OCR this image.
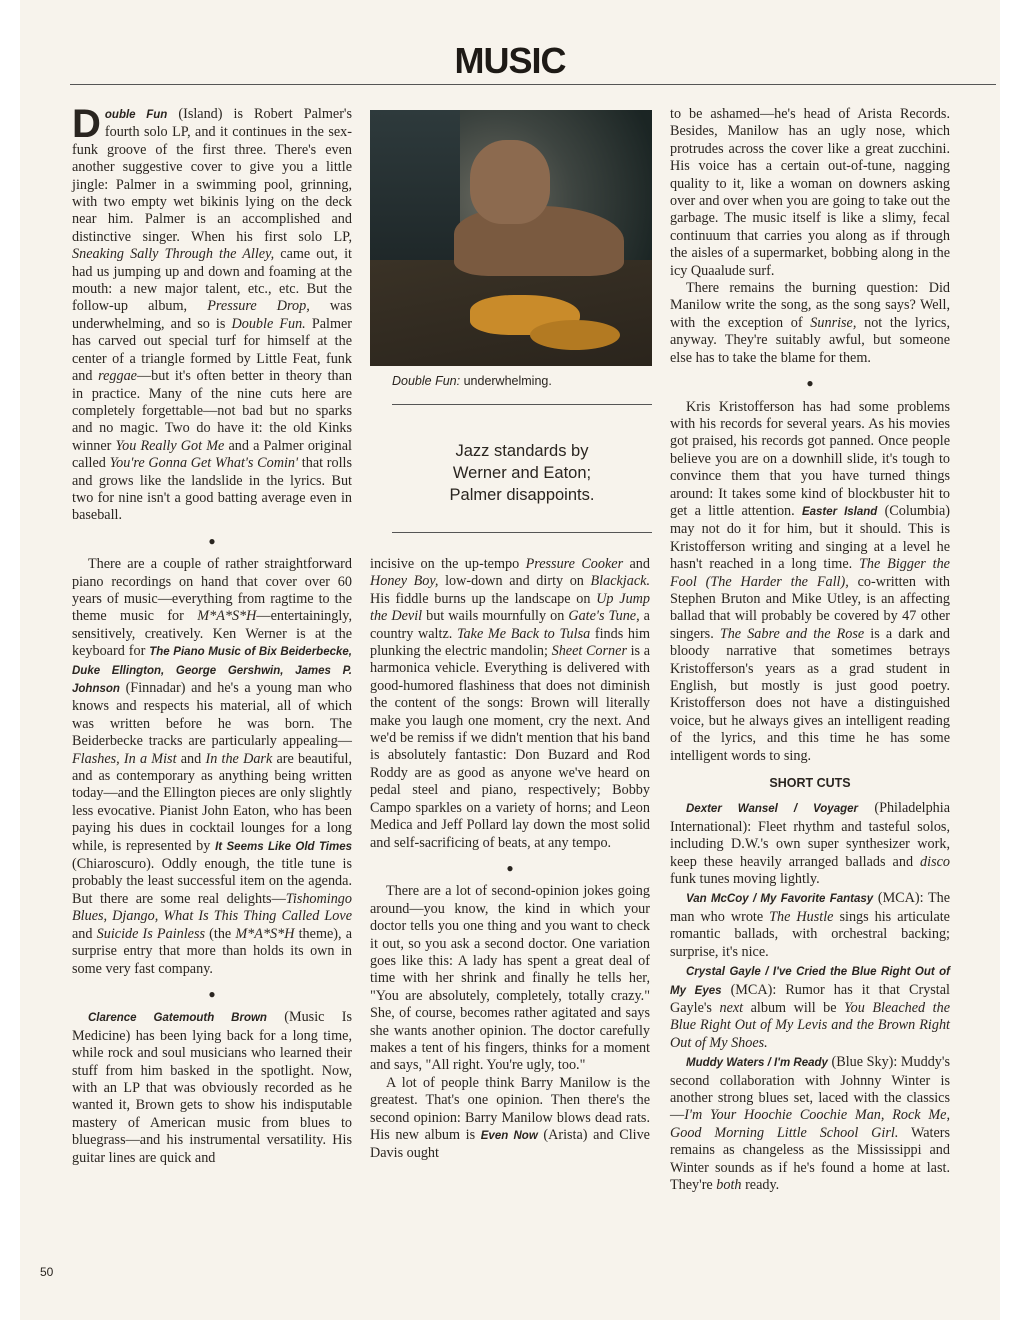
MUSIC

Double Fun (Island) is Robert Palmer's fourth solo LP, and it continues in the sex-funk groove of the first three. There's even another suggestive cover to give you a little jingle: Palmer in a swimming pool, grinning, with two empty wet bikinis lying on the deck near him. Palmer is an accomplished and distinctive singer. When his first solo LP, Sneaking Sally Through the Alley, came out, it had us jumping up and down and foaming at the mouth: a new major talent, etc., etc. But the follow-up album, Pressure Drop, was underwhelming, and so is Double Fun. Palmer has carved out special turf for himself at the center of a triangle formed by Little Feat, funk and reggae—but it's often better in theory than in practice. Many of the nine cuts here are completely forgettable—not bad but no sparks and no magic. Two do have it: the old Kinks winner You Really Got Me and a Palmer original called You're Gonna Get What's Comin' that rolls and grows like the landslide in the lyrics. But two for nine isn't a good batting average even in baseball.

●

There are a couple of rather straightforward piano recordings on hand that cover over 60 years of music—everything from ragtime to the theme music for M*A*S*H—entertainingly, sensitively, creatively. Ken Werner is at the keyboard for The Piano Music of Bix Beiderbecke, Duke Ellington, George Gershwin, James P. Johnson (Finnadar) and he's a young man who knows and respects his material, all of which was written before he was born. The Beiderbecke tracks are particularly appealing—Flashes, In a Mist and In the Dark are beautiful, and as contemporary as anything being written today—and the Ellington pieces are only slightly less evocative. Pianist John Eaton, who has been paying his dues in cocktail lounges for a long while, is represented by It Seems Like Old Times (Chiaroscuro). Oddly enough, the title tune is probably the least successful item on the agenda. But there are some real delights—Tishomingo Blues, Django, What Is This Thing Called Love and Suicide Is Painless (the M*A*S*H theme), a surprise entry that more than holds its own in some very fast company.

●

Clarence Gatemouth Brown (Music Is Medicine) has been lying back for a long time, while rock and soul musicians who learned their stuff from him basked in the spotlight. Now, with an LP that was obviously recorded as he wanted it, Brown gets to show his indisputable mastery of American music from blues to bluegrass—and his instrumental versatility. His guitar lines are quick and

Double Fun: underwhelming.
Jazz standards by
Werner and Eaton;
Palmer disappoints.

incisive on the up-tempo Pressure Cooker and Honey Boy, low-down and dirty on Blackjack. His fiddle burns up the landscape on Up Jump the Devil but wails mournfully on Gate's Tune, a country waltz. Take Me Back to Tulsa finds him plunking the electric mandolin; Sheet Corner is a harmonica vehicle. Everything is delivered with good-humored flashiness that does not diminish the content of the songs: Brown will literally make you laugh one moment, cry the next. And we'd be remiss if we didn't mention that his band is absolutely fantastic: Don Buzard and Rod Roddy are as good as anyone we've heard on pedal steel and piano, respectively; Bobby Campo sparkles on a variety of horns; and Leon Medica and Jeff Pollard lay down the most solid and self-sacrificing of beats, at any tempo.

●

There are a lot of second-opinion jokes going around—you know, the kind in which your doctor tells you one thing and you want to check it out, so you ask a second doctor. One variation goes like this: A lady has spent a great deal of time with her shrink and finally he tells her, "You are absolutely, completely, totally crazy." She, of course, becomes rather agitated and says she wants another opinion. The doctor carefully makes a tent of his fingers, thinks for a moment and says, "All right. You're ugly, too."

A lot of people think Barry Manilow is the greatest. That's one opinion. Then there's the second opinion: Barry Manilow blows dead rats. His new album is Even Now (Arista) and Clive Davis ought

to be ashamed—he's head of Arista Records. Besides, Manilow has an ugly nose, which protrudes across the cover like a great zucchini. His voice has a certain out-of-tune, nagging quality to it, like a woman on downers asking over and over when you are going to take out the garbage. The music itself is like a slimy, fecal continuum that carries you along as if through the aisles of a supermarket, bobbing along in the icy Quaalude surf.

There remains the burning question: Did Manilow write the song, as the song says? Well, with the exception of Sunrise, not the lyrics, anyway. They're suitably awful, but someone else has to take the blame for them.

●

Kris Kristofferson has had some problems with his records for several years. As his movies got praised, his records got panned. Once people believe you are on a downhill slide, it's tough to convince them that you have turned things around: It takes some kind of blockbuster hit to get a little attention. Easter Island (Columbia) may not do it for him, but it should. This is Kristofferson writing and singing at a level he hasn't reached in a long time. The Bigger the Fool (The Harder the Fall), co-written with Stephen Bruton and Mike Utley, is an affecting ballad that will probably be covered by 47 other singers. The Sabre and the Rose is a dark and bloody narrative that sometimes betrays Kristofferson's years as a grad student in English, but mostly is just good poetry. Kristofferson does not have a distinguished voice, but he always gives an intelligent reading of the lyrics, and this time he has some intelligent words to sing.

SHORT CUTS

Dexter Wansel / Voyager (Philadelphia International): Fleet rhythm and tasteful solos, including D.W.'s own super synthesizer work, keep these heavily arranged ballads and disco funk tunes moving lightly.

Van McCoy / My Favorite Fantasy (MCA): The man who wrote The Hustle sings his articulate romantic ballads, with orchestral backing; surprise, it's nice.

Crystal Gayle / I've Cried the Blue Right Out of My Eyes (MCA): Rumor has it that Crystal Gayle's next album will be You Bleached the Blue Right Out of My Levis and the Brown Right Out of My Shoes.

Muddy Waters / I'm Ready (Blue Sky): Muddy's second collaboration with Johnny Winter is another strong blues set, laced with the classics—I'm Your Hoochie Coochie Man, Rock Me, Good Morning Little School Girl. Waters remains as changeless as the Mississippi and Winter sounds as if he's found a home at last. They're both ready.

50
